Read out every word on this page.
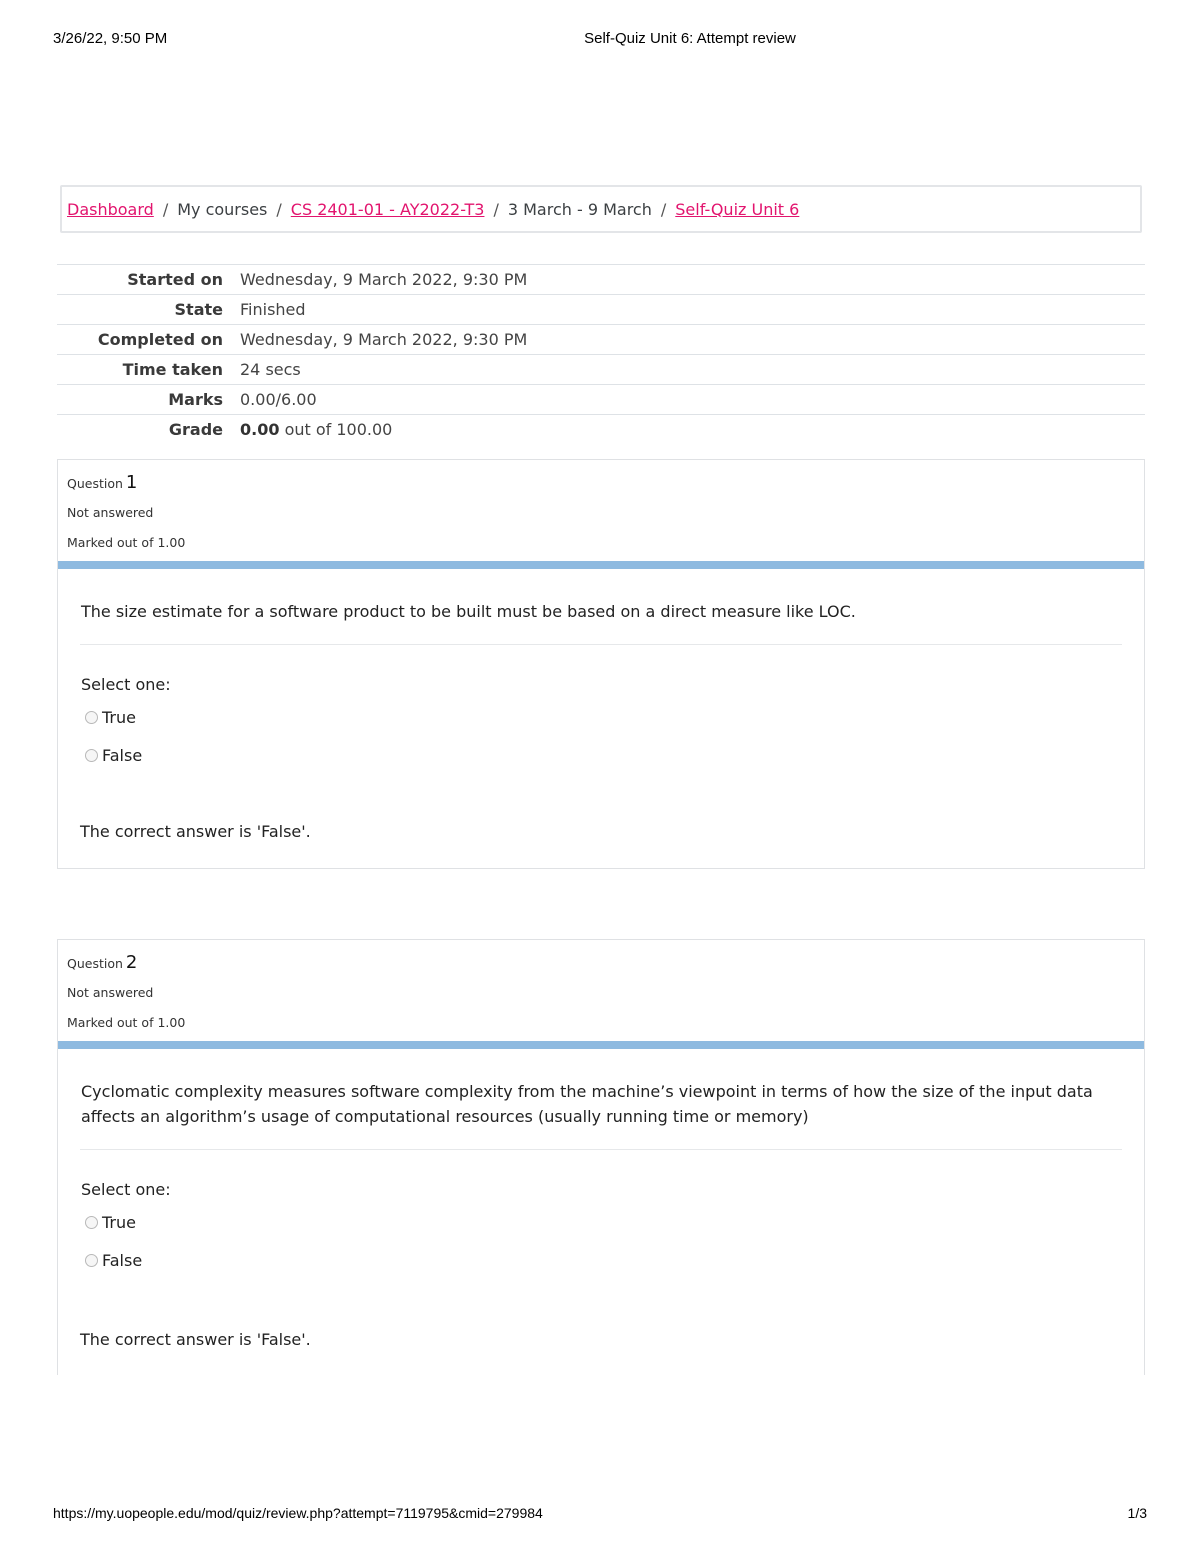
3/26/22, 9:50 PM	Self-Quiz Unit 6: Attempt review
Dashboard / My courses / CS 2401-01 - AY2022-T3 / 3 March - 9 March / Self-Quiz Unit 6
Started on	Wednesday, 9 March 2022, 9:30 PM
State	Finished
Completed on	Wednesday, 9 March 2022, 9:30 PM
Time taken	24 secs
Marks	0.00/6.00
Grade	0.00 out of 100.00
Question 1
Not answered
Marked out of 1.00
The size estimate for a software product to be built must be based on a direct measure like LOC.
Select one:
True
False
The correct answer is 'False'.
Question 2
Not answered
Marked out of 1.00
Cyclomatic complexity measures software complexity from the machine’s viewpoint in terms of how the size of the input data affects an algorithm’s usage of computational resources (usually running time or memory)
Select one:
True
False
The correct answer is 'False'.
https://my.uopeople.edu/mod/quiz/review.php?attempt=7119795&cmid=279984	1/3
